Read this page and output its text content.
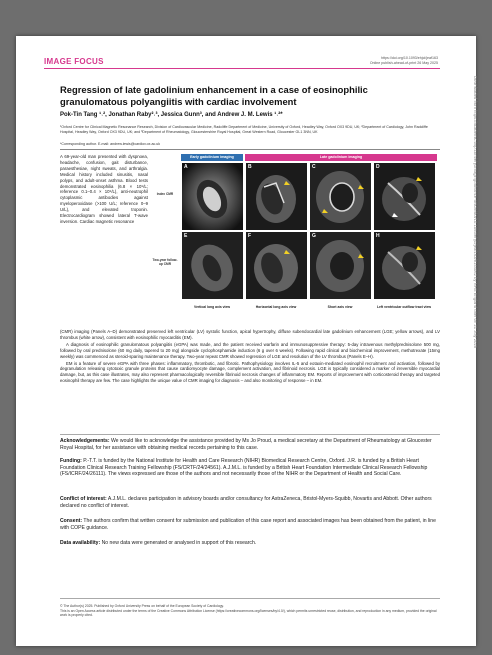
Downloaded from https://academic.oup.com/ehjcimaging/advance-article/doi/10.1093/ehjci/jeaf163/8144062 by NHS England user on 21 July 2025
IMAGE FOCUS	https://doi.org/10.1093/ehjci/jeaf163
Online publish-ahead-of-print 26 May 2025
Regression of late gadolinium enhancement in a case of eosinophilic granulomatous polyangiitis with cardiac involvement
Pok-Tin Tang ¹˒², Jonathan Raby²˒³, Jessica Gunn³, and Andrew J. M. Lewis ¹˒²*
¹Oxford Centre for Clinical Magnetic Resonance Research, Division of Cardiovascular Medicine, Radcliffe Department of Medicine, University of Oxford, Headley Way, Oxford OX3 9DU, UK; ²Department of Cardiology, John Radcliffe Hospital, Headley Way, Oxford OX3 9DU, UK; and ³Department of Rheumatology, Gloucestershire Royal Hospital, Great Western Road, Gloucester GL1 3NN, UK
*Corresponding author. E-mail: andrew.lewis@cardiov.ox.ac.uk
A 69-year-old man presented with dyspnoea, headache, confusion, gait disturbance, paraesthesiae, night sweats, and arthralgia. Medical history included sinusitis, nasal polyps, and adult-onset asthma. Blood tests demonstrated eosinophilia (6.8 × 10⁹/L; reference 0.1–0.4 × 10⁹/L), anti-neutrophil cytoplasmic antibodies against myeloperoxidase (>100 U/L; reference 0–9 U/L), and elevated troponin. Electrocardiogram showed lateral T-wave inversion. Cardiac magnetic resonance
Early gadolinium imaging	Late gadolinium imaging
Index CMR
Two-year follow-up CMR
A	B	C	D
E	F	G	H
Vertical long axis view	Horizontal long axis view	Short axis view	Left ventricular outflow tract view

(CMR) imaging (Panels A–D) demonstrated preserved left ventricular (LV) systolic function, apical hypertrophy, diffuse subendocardial late gadolinium enhancement (LGE; yellow arrows), and LV thrombus (white arrow), consistent with eosinophilic myocarditis (EM).

A diagnosis of eosinophilic granulomatous polyangiitis (eGPA) was made, and the patient received warfarin and immunosuppressive therapy: 5-day intravenous methylprednisolone 500 mg, followed by oral prednisolone (60 mg daily, tapered to 20 mg) alongside cyclophosphamide induction (6 g over 6 weeks). Following rapid clinical and biochemical improvement, methotrexate (15mg weekly) was commenced as steroid-sparing maintenance therapy. Two-year repeat CMR showed regression of LGE and resolution of the LV thrombus (Panels E–H).

EM is a feature of severe eGPA with three phases: inflammatory, thrombotic, and fibrotic. Pathophysiology involves IL-5 and eotaxin-mediated eosinophil recruitment and activation, followed by degranulation releasing cytotoxic granule proteins that cause cardiomyocyte damage, complement activation, and fibrinoid necrosis. LGE is typically considered a marker of irreversible myocardial damage, but, as this case illustrates, may also represent pharmacologically reversible fibrinoid necrosis changes of inflammatory EM. Reports of improvement with corticosteroid therapy and targeted eosinophil therapy are few. The case highlights the unique value of CMR imaging for diagnosis – and also monitoring of response – in EM.

Acknowledgements: We would like to acknowledge the assistance provided by Ms Jo Proud, a medical secretary at the Department of Rheumatology at Gloucester Royal Hospital, for her assistance with obtaining medical records pertaining to this case.
Funding: P.-T.T. is funded by the National Institute for Health and Care Research (NIHR) Biomedical Research Centre, Oxford. J.R. is funded by a British Heart Foundation Clinical Research Training Fellowship (FS/CRTF/24/24561). A.J.M.L. is funded by a British Heart Foundation Intermediate Clinical Research Fellowship (FS/ICRF/24/26111). The views expressed are those of the authors and not necessarily those of the NIHR or the Department of Health and Social Care.
Conflict of interest: A.J.M.L. declares participation in advisory boards and/or consultancy for AstraZeneca, Bristol-Myers-Squibb, Novartis and Abbott. Other authors declared no conflict of interest.
Consent: The authors confirm that written consent for submission and publication of this case report and associated images has been obtained from the patient, in line with COPE guidance.
Data availability: No new data were generated or analysed in support of this research.
© The Author(s) 2025. Published by Oxford University Press on behalf of the European Society of Cardiology.
This is an Open Access article distributed under the terms of the Creative Commons Attribution License (https://creativecommons.org/licenses/by/4.0/), which permits unrestricted reuse, distribution, and reproduction in any medium, provided the original work is properly cited.
